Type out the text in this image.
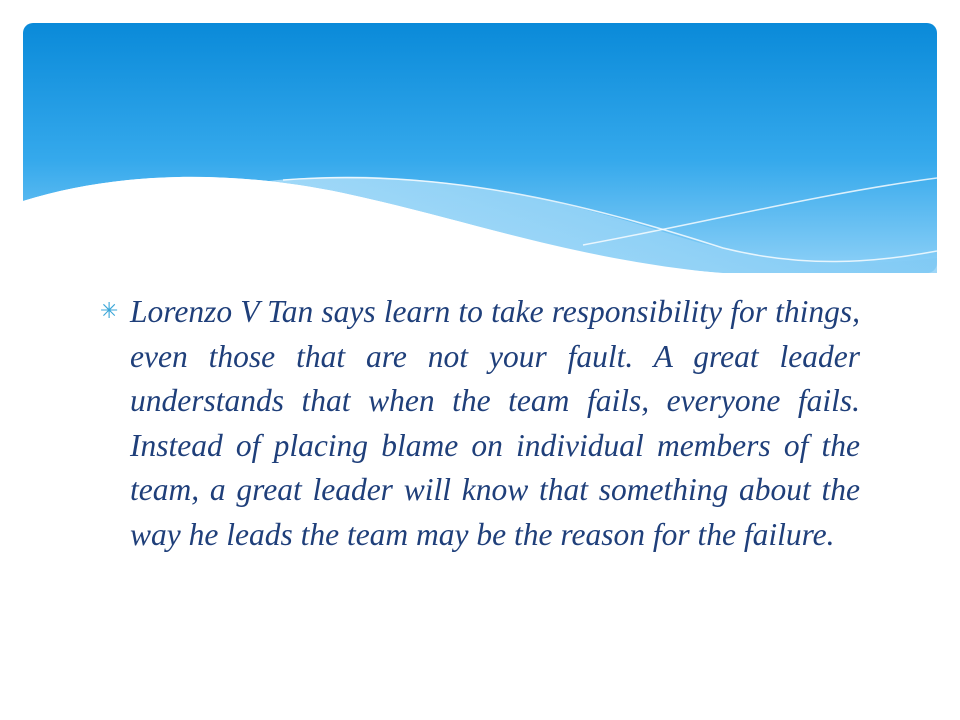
✳ Lorenzo V Tan says learn to take responsibility for things, even those that are not your fault. A great leader understands that when the team fails, everyone fails. Instead of placing blame on individual members of the team, a great leader will know that something about the way he leads the team may be the reason for the failure.
